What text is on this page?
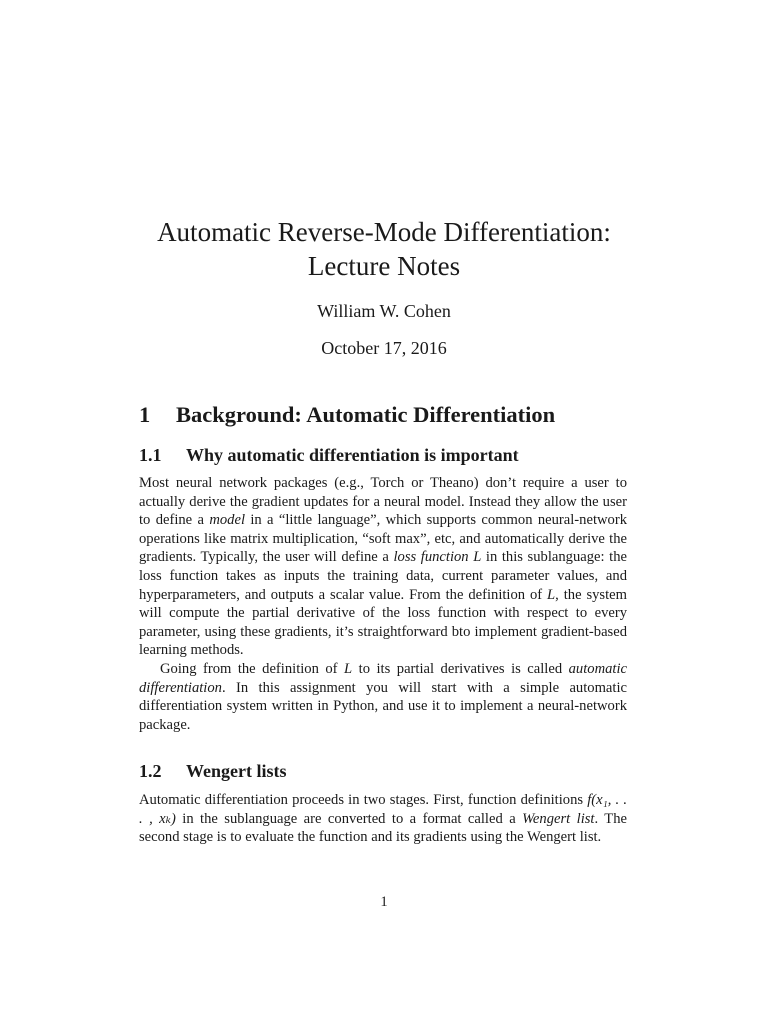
Automatic Reverse-Mode Differentiation:
Lecture Notes
William W. Cohen
October 17, 2016
1 Background: Automatic Differentiation
1.1 Why automatic differentiation is important

Most neural network packages (e.g., Torch or Theano) don’t require a user to actually derive the gradient updates for a neural model. Instead they allow the user to define a model in a “little language”, which supports common neural-network operations like matrix multiplication, “soft max”, etc, and automatically derive the gradients. Typically, the user will define a loss function L in this sublanguage: the loss function takes as inputs the training data, current parameter values, and hyperparameters, and outputs a scalar value. From the definition of L, the system will compute the partial derivative of the loss function with respect to every parameter, using these gradients, it’s straightforward bto implement gradient-based learning methods.

Going from the definition of L to its partial derivatives is called automatic differentiation. In this assignment you will start with a simple automatic differentiation system written in Python, and use it to implement a neural-network package.

1.2 Wengert lists

Automatic differentiation proceeds in two stages. First, function definitions f(x₁, . . . , xₖ) in the sublanguage are converted to a format called a Wengert list. The second stage is to evaluate the function and its gradients using the Wengert list.

1
